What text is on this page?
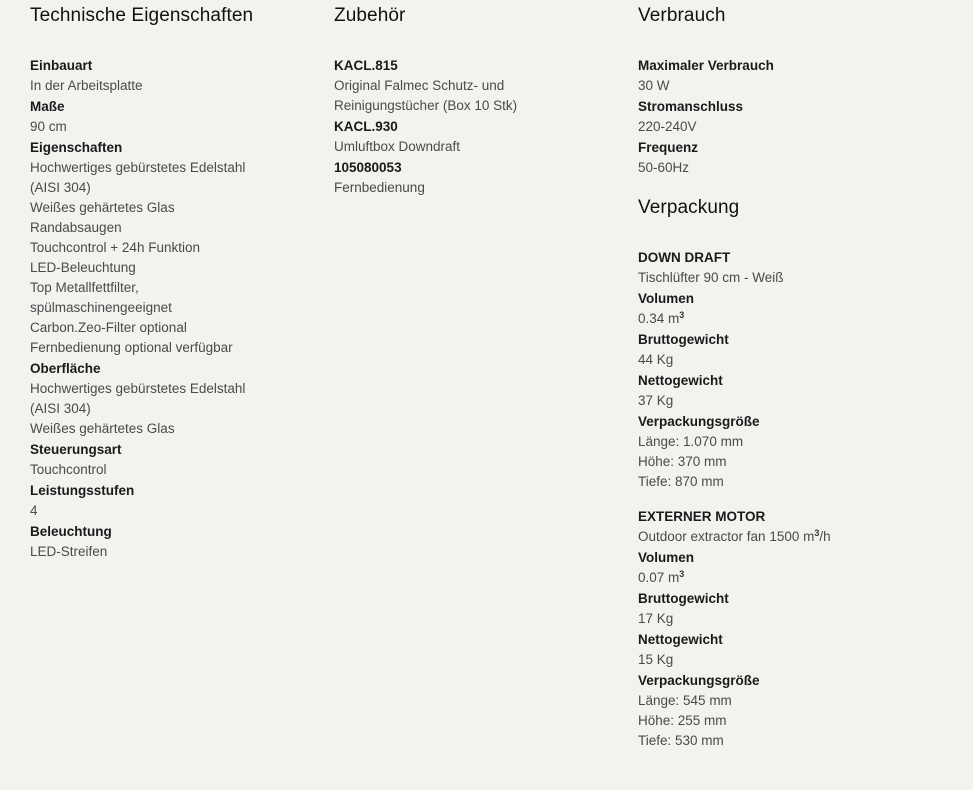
Technische Eigenschaften
Einbauart
In der Arbeitsplatte
Maße
90 cm
Eigenschaften
Hochwertiges gebürstetes Edelstahl
(AISI 304)
Weißes gehärtetes Glas
Randabsaugen
Touchcontrol + 24h Funktion
LED-Beleuchtung
Top Metallfettfilter,
spülmaschinengeeignet
Carbon.Zeo-Filter optional
Fernbedienung optional verfügbar
Oberfläche
Hochwertiges gebürstetes Edelstahl
(AISI 304)
Weißes gehärtetes Glas
Steuerungsart
Touchcontrol
Leistungsstufen
4
Beleuchtung
LED-Streifen
Zubehör
KACL.815
Original Falmec Schutz- und
Reinigungstücher (Box 10 Stk)
KACL.930
Umluftbox Downdraft
105080053
Fernbedienung
Verbrauch
Maximaler Verbrauch
30 W
Stromanschluss
220-240V
Frequenz
50-60Hz
Verpackung
DOWN DRAFT
Tischlüfter 90 cm - Weiß
Volumen
0.34 $m^3$
Bruttogewicht
44 Kg
Nettogewicht
37 Kg
Verpackungsgröße
Länge: 1.070 mm
Höhe: 370 mm
Tiefe: 870 mm
EXTERNER MOTOR
Outdoor extractor fan 1500 $m^3/h$
Volumen
0.07 $m^3$
Bruttogewicht
17 Kg
Nettogewicht
15 Kg
Verpackungsgröße
Länge: 545 mm
Höhe: 255 mm
Tiefe: 530 mm
